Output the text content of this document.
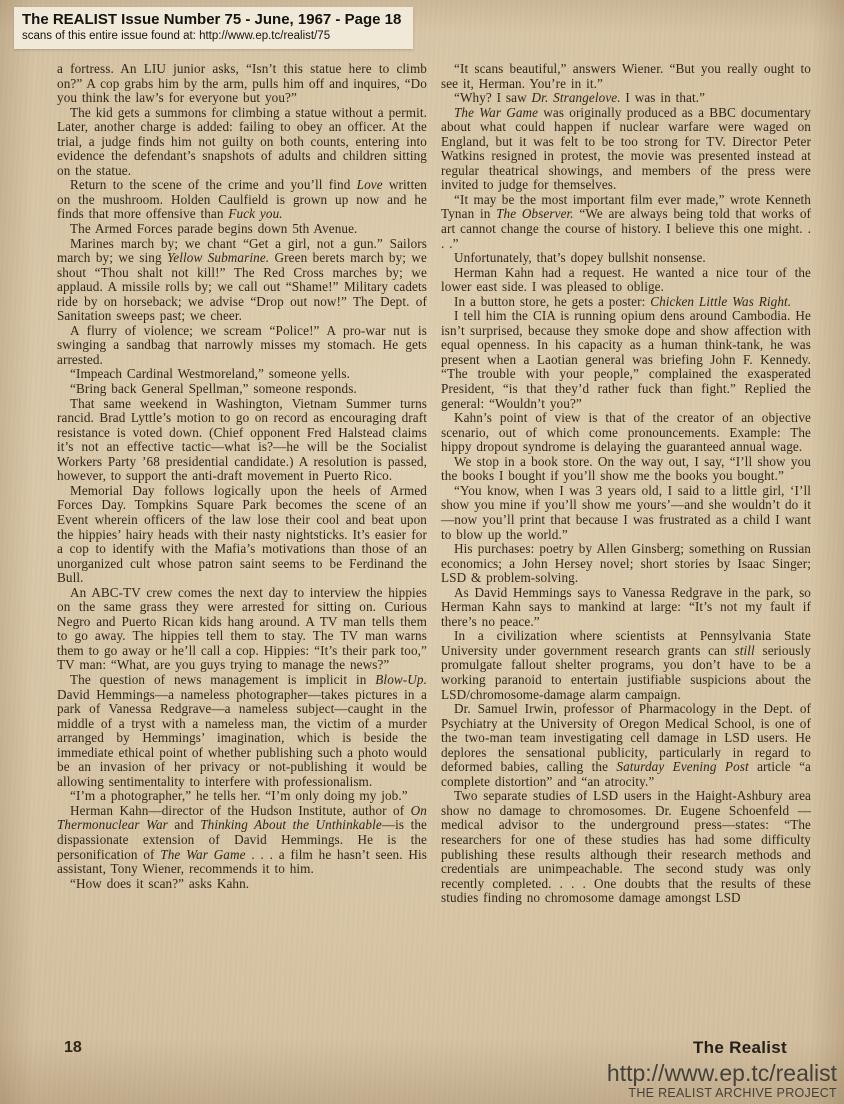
The REALIST Issue Number 75 - June, 1967 - Page 18
scans of this entire issue found at: http://www.ep.tc/realist/75

a fortress. An LIU junior asks, “Isn’t this statue here to climb on?” A cop grabs him by the arm, pulls him off and inquires, “Do you think the law’s for everyone but you?”

The kid gets a summons for climbing a statue without a permit. Later, another charge is added: failing to obey an officer. At the trial, a judge finds him not guilty on both counts, entering into evidence the defendant’s snapshots of adults and children sitting on the statue.

Return to the scene of the crime and you’ll find Love written on the mushroom. Holden Caulfield is grown up now and he finds that more offensive than Fuck you.

The Armed Forces parade begins down 5th Avenue.

Marines march by; we chant “Get a girl, not a gun.” Sailors march by; we sing Yellow Submarine. Green berets march by; we shout “Thou shalt not kill!” The Red Cross marches by; we applaud. A missile rolls by; we call out “Shame!” Military cadets ride by on horseback; we advise “Drop out now!” The Dept. of Sanitation sweeps past; we cheer.

A flurry of violence; we scream “Police!” A pro-war nut is swinging a sandbag that narrowly misses my stomach. He gets arrested.

“Impeach Cardinal Westmoreland,” someone yells.

“Bring back General Spellman,” someone responds.

That same weekend in Washington, Vietnam Summer turns rancid. Brad Lyttle’s motion to go on record as encouraging draft resistance is voted down. (Chief opponent Fred Halstead claims it’s not an effective tactic—what is?—he will be the Socialist Workers Party ’68 presidential candidate.) A resolution is passed, however, to support the anti-draft movement in Puerto Rico.

Memorial Day follows logically upon the heels of Armed Forces Day. Tompkins Square Park becomes the scene of an Event wherein officers of the law lose their cool and beat upon the hippies’ hairy heads with their nasty nightsticks. It’s easier for a cop to identify with the Mafia’s motivations than those of an unorganized cult whose patron saint seems to be Ferdinand the Bull.

An ABC-TV crew comes the next day to interview the hippies on the same grass they were arrested for sitting on. Curious Negro and Puerto Rican kids hang around. A TV man tells them to go away. The hippies tell them to stay. The TV man warns them to go away or he’ll call a cop. Hippies: “It’s their park too,” TV man: “What, are you guys trying to manage the news?”

The question of news management is implicit in Blow-Up. David Hemmings—a nameless photographer—takes pictures in a park of Vanessa Redgrave—a nameless subject—caught in the middle of a tryst with a nameless man, the victim of a murder arranged by Hemmings’ imagination, which is beside the immediate ethical point of whether publishing such a photo would be an invasion of her privacy or not-publishing it would be allowing sentimentality to interfere with professionalism.

“I’m a photographer,” he tells her. “I’m only doing my job.”

Herman Kahn—director of the Hudson Institute, author of On Thermonuclear War and Thinking About the Unthinkable—is the dispassionate extension of David Hemmings. He is the personification of The War Game . . . a film he hasn’t seen. His assistant, Tony Wiener, recommends it to him.

“How does it scan?” asks Kahn.

“It scans beautiful,” answers Wiener. “But you really ought to see it, Herman. You’re in it.”

“Why? I saw Dr. Strangelove. I was in that.”

The War Game was originally produced as a BBC documentary about what could happen if nuclear warfare were waged on England, but it was felt to be too strong for TV. Director Peter Watkins resigned in protest, the movie was presented instead at regular theatrical showings, and members of the press were invited to judge for themselves.

“It may be the most important film ever made,” wrote Kenneth Tynan in The Observer. “We are always being told that works of art cannot change the course of history. I believe this one might. . . .”

Unfortunately, that’s dopey bullshit nonsense.

Herman Kahn had a request. He wanted a nice tour of the lower east side. I was pleased to oblige.

In a button store, he gets a poster: Chicken Little Was Right.

I tell him the CIA is running opium dens around Cambodia. He isn’t surprised, because they smoke dope and show affection with equal openness. In his capacity as a human think-tank, he was present when a Laotian general was briefing John F. Kennedy. “The trouble with your people,” complained the exasperated President, “is that they’d rather fuck than fight.” Replied the general: “Wouldn’t you?”

Kahn’s point of view is that of the creator of an objective scenario, out of which come pronouncements. Example: The hippy dropout syndrome is delaying the guaranteed annual wage.

We stop in a book store. On the way out, I say, “I’ll show you the books I bought if you’ll show me the books you bought.”

“You know, when I was 3 years old, I said to a little girl, ‘I’ll show you mine if you’ll show me yours’—and she wouldn’t do it—now you’ll print that because I was frustrated as a child I want to blow up the world.”

His purchases: poetry by Allen Ginsberg; something on Russian economics; a John Hersey novel; short stories by Isaac Singer; LSD & problem-solving.

As David Hemmings says to Vanessa Redgrave in the park, so Herman Kahn says to mankind at large: “It’s not my fault if there’s no peace.”

In a civilization where scientists at Pennsylvania State University under government research grants can still seriously promulgate fallout shelter programs, you don’t have to be a working paranoid to entertain justifiable suspicions about the LSD/chromosome-damage alarm campaign.

Dr. Samuel Irwin, professor of Pharmacology in the Dept. of Psychiatry at the University of Oregon Medical School, is one of the two-man team investigating cell damage in LSD users. He deplores the sensational publicity, particularly in regard to deformed babies, calling the Saturday Evening Post article “a complete distortion” and “an atrocity.”

Two separate studies of LSD users in the Haight-Ashbury area show no damage to chromosomes. Dr. Eugene Schoenfeld — medical advisor to the underground press—states: “The researchers for one of these studies has had some difficulty publishing these results although their research methods and credentials are unimpeachable. The second study was only recently completed. . . . One doubts that the results of these studies finding no chromosome damage amongst LSD

18	The Realist
http://www.ep.tc/realist
THE REALIST ARCHIVE PROJECT
